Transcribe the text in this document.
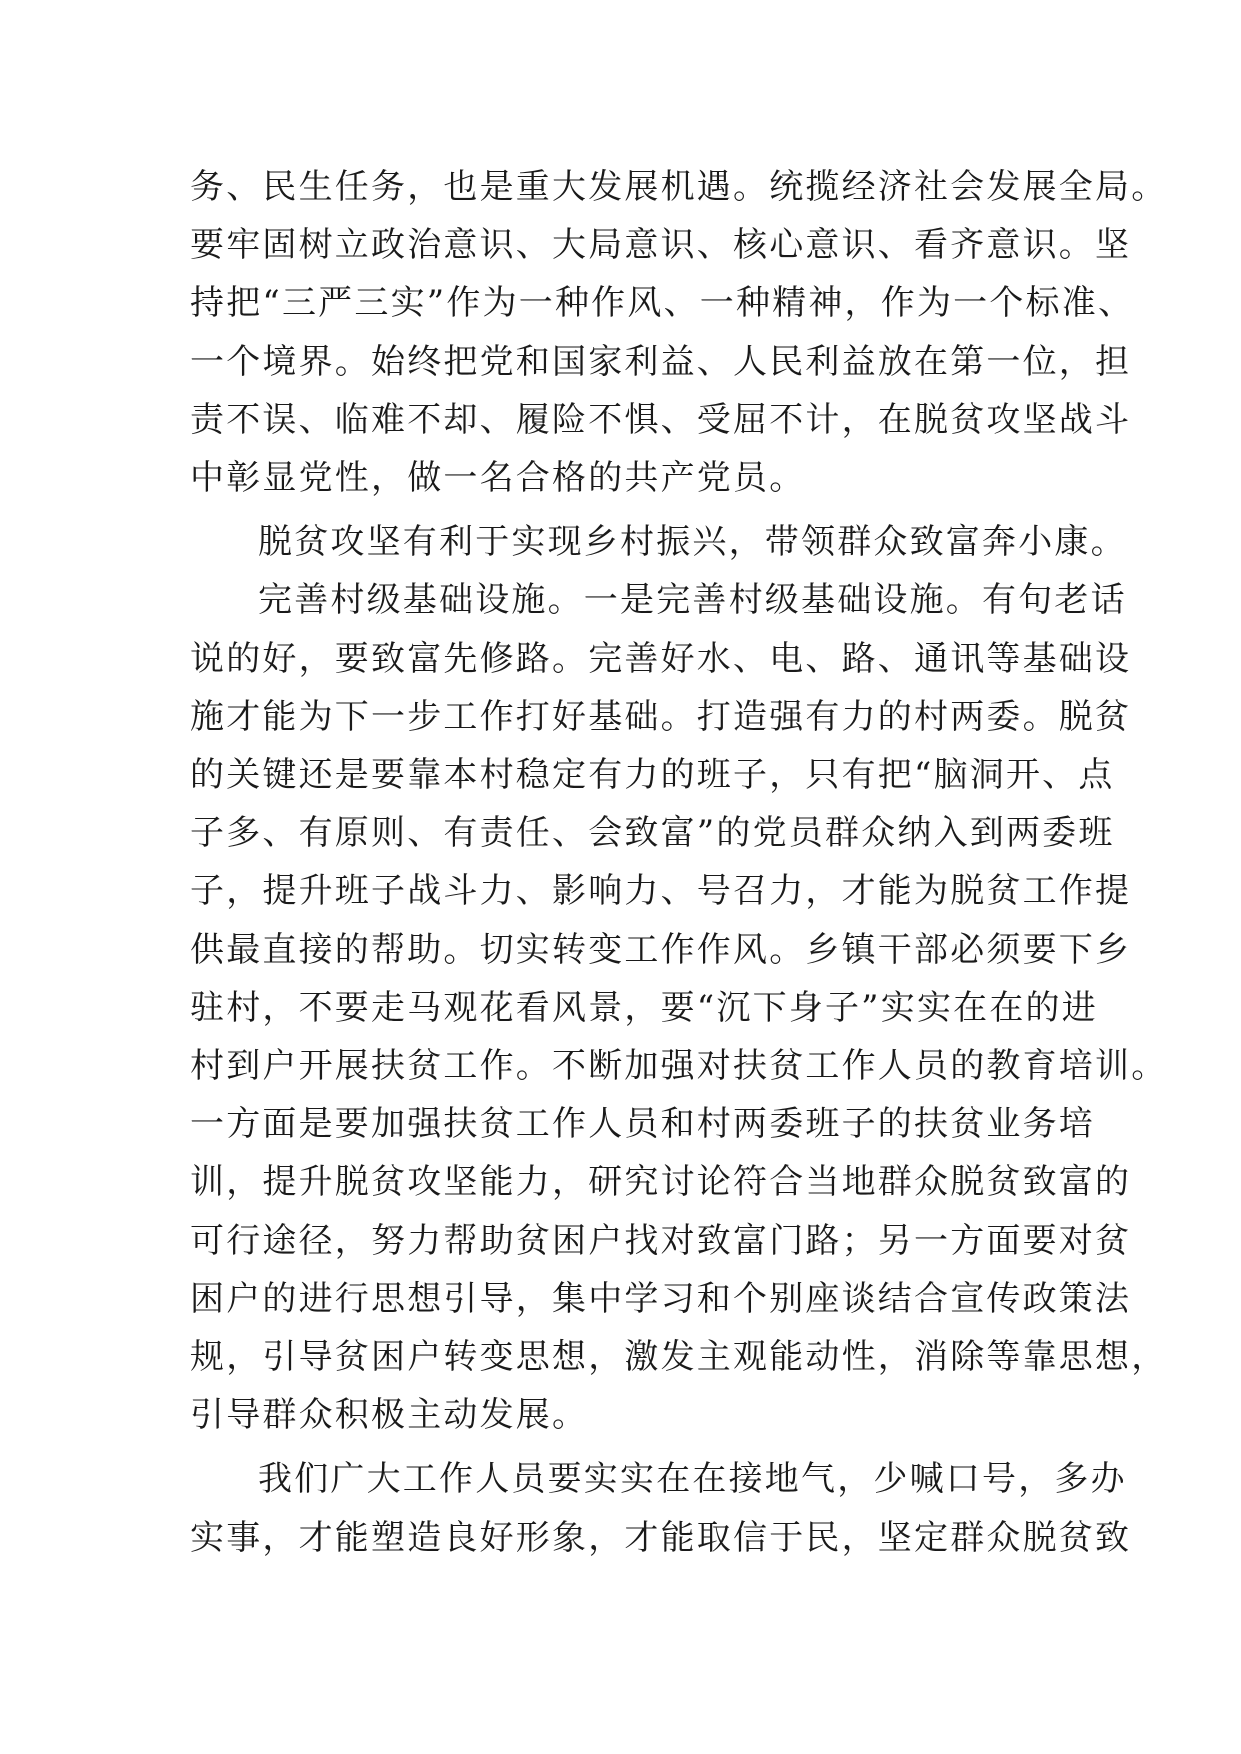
务、民生任务，也是重大发展机遇。统揽经济社会发展全局。
要牢固树立政治意识、大局意识、核心意识、看齐意识。坚
持把“三严三实”作为一种作风、一种精神，作为一个标准、
一个境界。始终把党和国家利益、人民利益放在第一位，担
责不误、临难不却、履险不惧、受屈不计，在脱贫攻坚战斗
中彰显党性，做一名合格的共产党员。

脱贫攻坚有利于实现乡村振兴，带领群众致富奔小康。

完善村级基础设施。一是完善村级基础设施。有句老话
说的好，要致富先修路。完善好水、电、路、通讯等基础设
施才能为下一步工作打好基础。打造强有力的村两委。脱贫
的关键还是要靠本村稳定有力的班子，只有把“脑洞开、点
子多、有原则、有责任、会致富”的党员群众纳入到两委班
子，提升班子战斗力、影响力、号召力，才能为脱贫工作提
供最直接的帮助。切实转变工作作风。乡镇干部必须要下乡
驻村，不要走马观花看风景，要“沉下身子”实实在在的进
村到户开展扶贫工作。不断加强对扶贫工作人员的教育培训。
一方面是要加强扶贫工作人员和村两委班子的扶贫业务培
训，提升脱贫攻坚能力，研究讨论符合当地群众脱贫致富的
可行途径，努力帮助贫困户找对致富门路；另一方面要对贫
困户的进行思想引导，集中学习和个别座谈结合宣传政策法
规，引导贫困户转变思想，激发主观能动性，消除等靠思想，
引导群众积极主动发展。

我们广大工作人员要实实在在接地气，少喊口号，多办
实事，才能塑造良好形象，才能取信于民，坚定群众脱贫致
